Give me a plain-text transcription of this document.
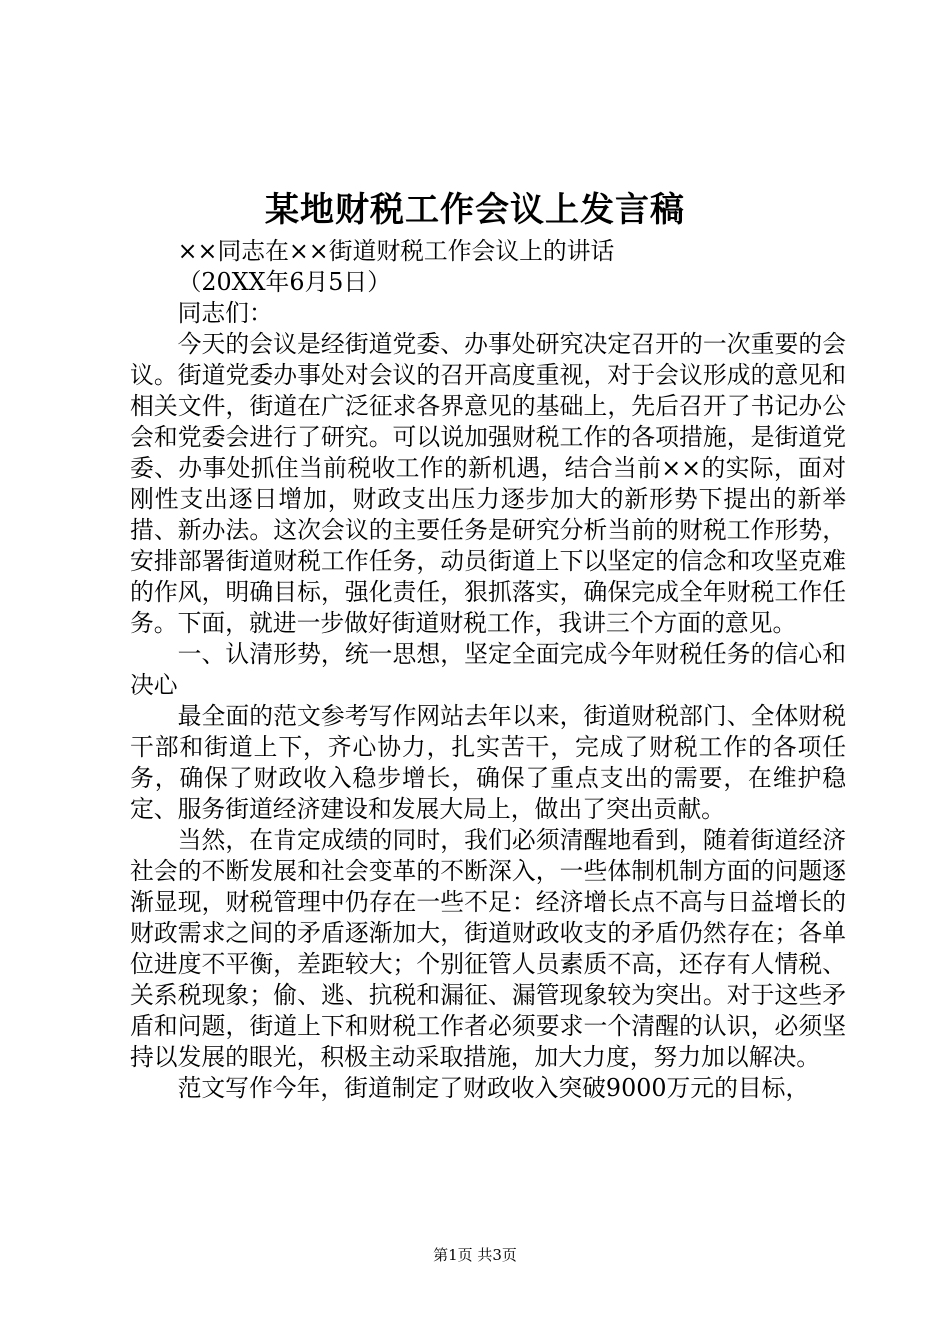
某地财税工作会议上发言稿

××同志在××街道财税工作会议上的讲话

（20XX年6月5日）

同志们：

今天的会议是经街道党委、办事处研究决定召开的一次重要的会议。街道党委办事处对会议的召开高度重视，对于会议形成的意见和相关文件，街道在广泛征求各界意见的基础上，先后召开了书记办公会和党委会进行了研究。可以说加强财税工作的各项措施，是街道党委、办事处抓住当前税收工作的新机遇，结合当前××的实际，面对刚性支出逐日增加，财政支出压力逐步加大的新形势下提出的新举措、新办法。这次会议的主要任务是研究分析当前的财税工作形势，安排部署街道财税工作任务，动员街道上下以坚定的信念和攻坚克难的作风，明确目标，强化责任，狠抓落实，确保完成全年财税工作任务。下面，就进一步做好街道财税工作，我讲三个方面的意见。

一、认清形势，统一思想，坚定全面完成今年财税任务的信心和决心

最全面的范文参考写作网站去年以来，街道财税部门、全体财税干部和街道上下，齐心协力，扎实苦干，完成了财税工作的各项任务，确保了财政收入稳步增长，确保了重点支出的需要，在维护稳定、服务街道经济建设和发展大局上，做出了突出贡献。

当然，在肯定成绩的同时，我们必须清醒地看到，随着街道经济社会的不断发展和社会变革的不断深入，一些体制机制方面的问题逐渐显现，财税管理中仍存在一些不足：经济增长点不高与日益增长的财政需求之间的矛盾逐渐加大，街道财政收支的矛盾仍然存在；各单位进度不平衡，差距较大；个别征管人员素质不高，还存有人情税、关系税现象；偷、逃、抗税和漏征、漏管现象较为突出。对于这些矛盾和问题，街道上下和财税工作者必须要求一个清醒的认识，必须坚持以发展的眼光，积极主动采取措施，加大力度，努力加以解决。

范文写作今年，街道制定了财政收入突破9000万元的目标，

第1页 共3页
